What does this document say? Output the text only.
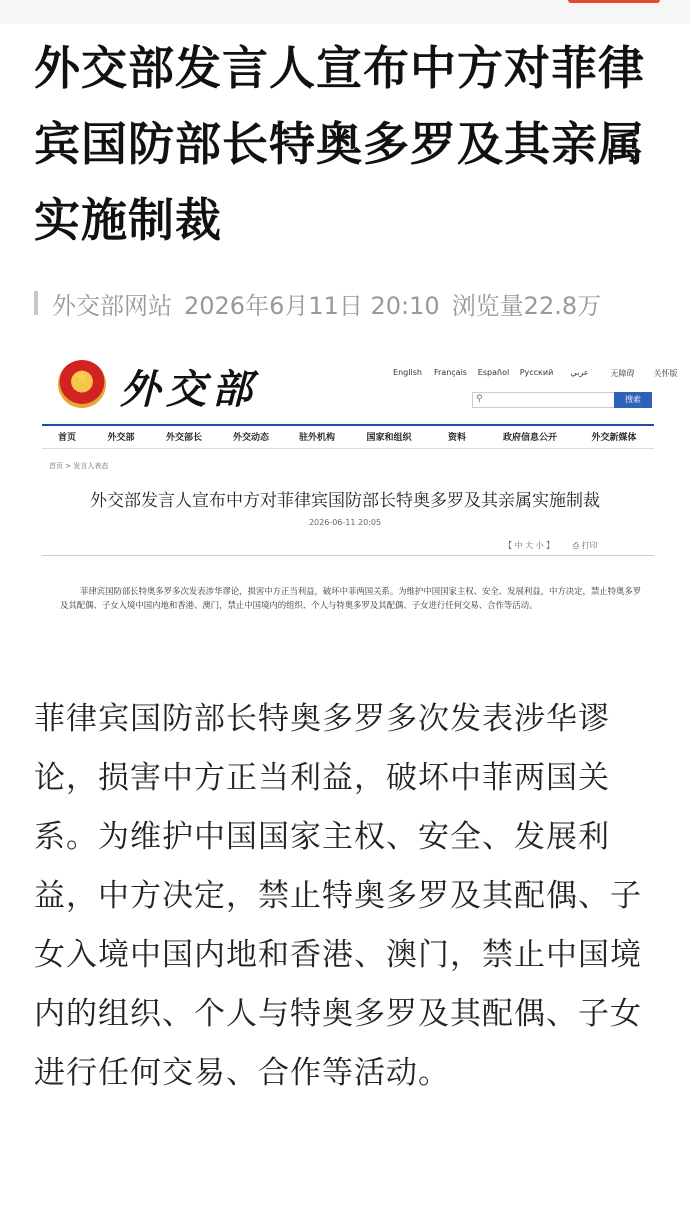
外交部发言人宣布中方对菲律宾国防部长特奥多罗及其亲属实施制裁
外交部网站 2026年6月11日 20:10 浏览量22.8万
外交部	English	Français	Español	Русский	عربي	无障碍	关怀版
⚲	搜索
首页	外交部	外交部长	外交动态	驻外机构	国家和组织	资料	政府信息公开	外交新媒体
首页 > 发言人表态
外交部发言人宣布中方对菲律宾国防部长特奥多罗及其亲属实施制裁
2026-06-11 20:05
【 中 大 小 】 ⎙ 打印

菲律宾国防部长特奥多罗多次发表涉华谬论，损害中方正当利益，破坏中菲两国关系。为维护中国国家主权、安全、发展利益，中方决定，禁止特奥多罗及其配偶、子女入境中国内地和香港、澳门，禁止中国境内的组织、个人与特奥多罗及其配偶、子女进行任何交易、合作等活动。

菲律宾国防部长特奥多罗多次发表涉华谬论，损害中方正当利益，破坏中菲两国关系。为维护中国国家主权、安全、发展利益，中方决定，禁止特奥多罗及其配偶、子女入境中国内地和香港、澳门，禁止中国境内的组织、个人与特奥多罗及其配偶、子女进行任何交易、合作等活动。
